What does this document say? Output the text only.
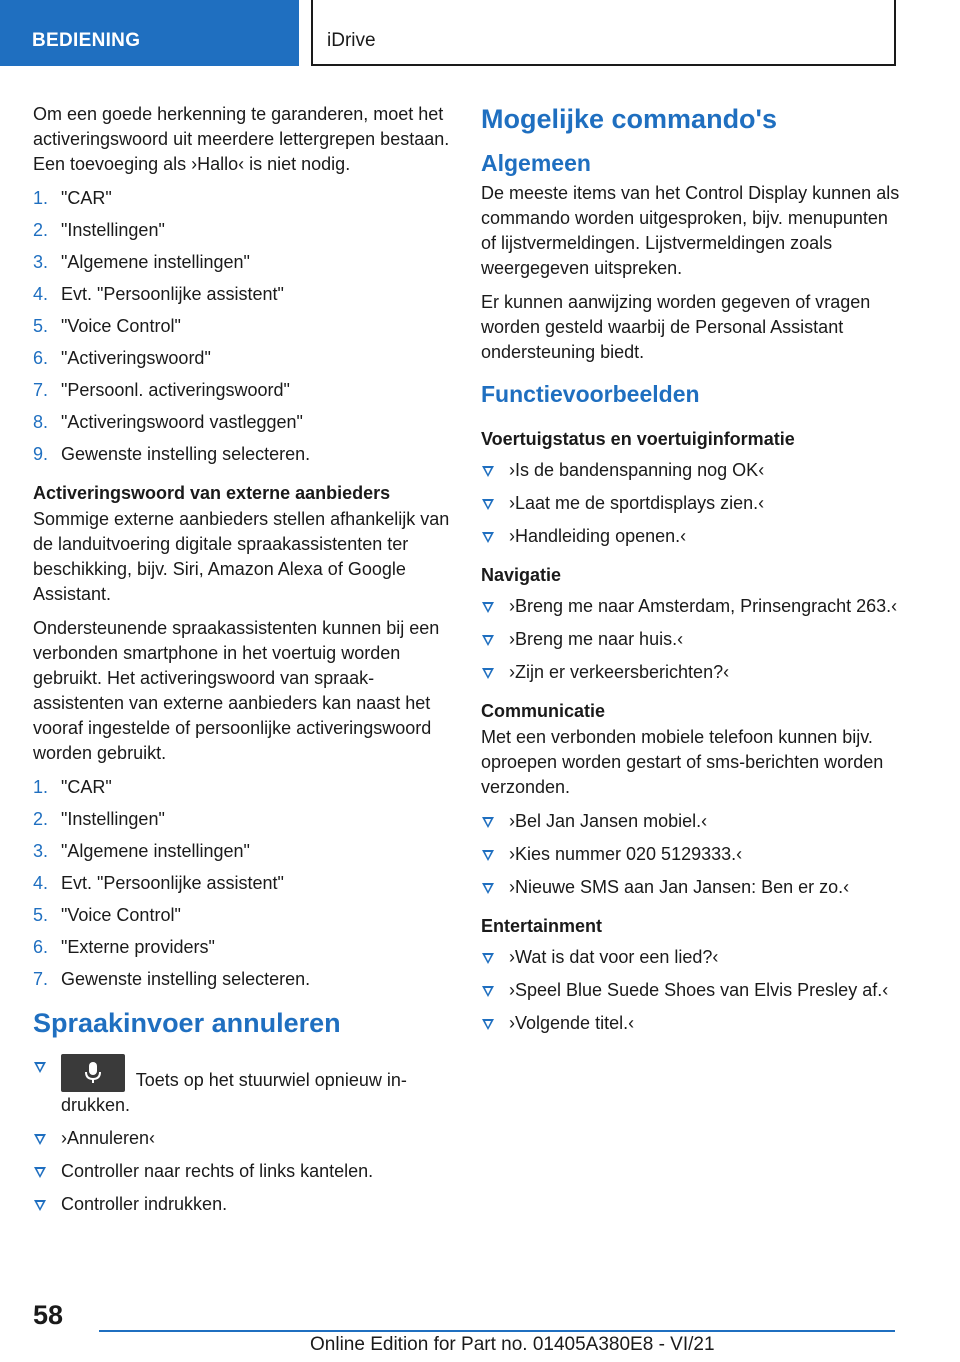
BEDIENING	iDrive

Om een goede herkenning te garanderen, moet het activeringswoord uit meerdere lettergrepen bestaan. Een toevoeging als ›Hallo‹ is niet nodig.

1. "CAR"
2. "Instellingen"
3. "Algemene instellingen"
4. Evt. "Persoonlijke assistent"
5. "Voice Control"
6. "Activeringswoord"
7. "Persoonl. activeringswoord"
8. "Activeringswoord vastleggen"
9. Gewenste instelling selecteren.
Activeringswoord van externe aanbieders

Sommige externe aanbieders stellen afhankelijk van de landuitvoering digitale spraakassistenten ter beschikking, bijv. Siri, Amazon Alexa of Google Assistant.

Ondersteunende spraakassistenten kunnen bij een verbonden smartphone in het voertuig worden gebruikt. Het activeringswoord van spraakassistenten van externe aanbieders kan naast het vooraf ingestelde of persoonlijke activeringswoord worden gebruikt.

1. "CAR"
2. "Instellingen"
3. "Algemene instellingen"
4. Evt. "Persoonlijke assistent"
5. "Voice Control"
6. "Externe providers"
7. Gewenste instelling selecteren.
Spraakinvoer annuleren
Toets op het stuurwiel opnieuw indrukken.
›Annuleren‹
Controller naar rechts of links kantelen.
Controller indrukken.
Mogelijke commando's
Algemeen

De meeste items van het Control Display kunnen als commando worden uitgesproken, bijv. menupunten of lijstvermeldingen. Lijstvermeldingen zoals weergegeven uitspreken.

Er kunnen aanwijzing worden gegeven of vragen worden gesteld waarbij de Personal Assistant ondersteuning biedt.

Functievoorbeelden
Voertuigstatus en voertuiginformatie
›Is de bandenspanning nog OK‹
›Laat me de sportdisplays zien.‹
›Handleiding openen.‹
Navigatie
›Breng me naar Amsterdam, Prinsengracht 263.‹
›Breng me naar huis.‹
›Zijn er verkeersberichten?‹
Communicatie

Met een verbonden mobiele telefoon kunnen bijv. oproepen worden gestart of sms-berichten worden verzonden.

›Bel Jan Jansen mobiel.‹
›Kies nummer 020 5129333.‹
›Nieuwe SMS aan Jan Jansen: Ben er zo.‹
Entertainment
›Wat is dat voor een lied?‹
›Speel Blue Suede Shoes van Elvis Presley af.‹
›Volgende titel.‹
58
Online Edition for Part no. 01405A380E8 - VI/21
